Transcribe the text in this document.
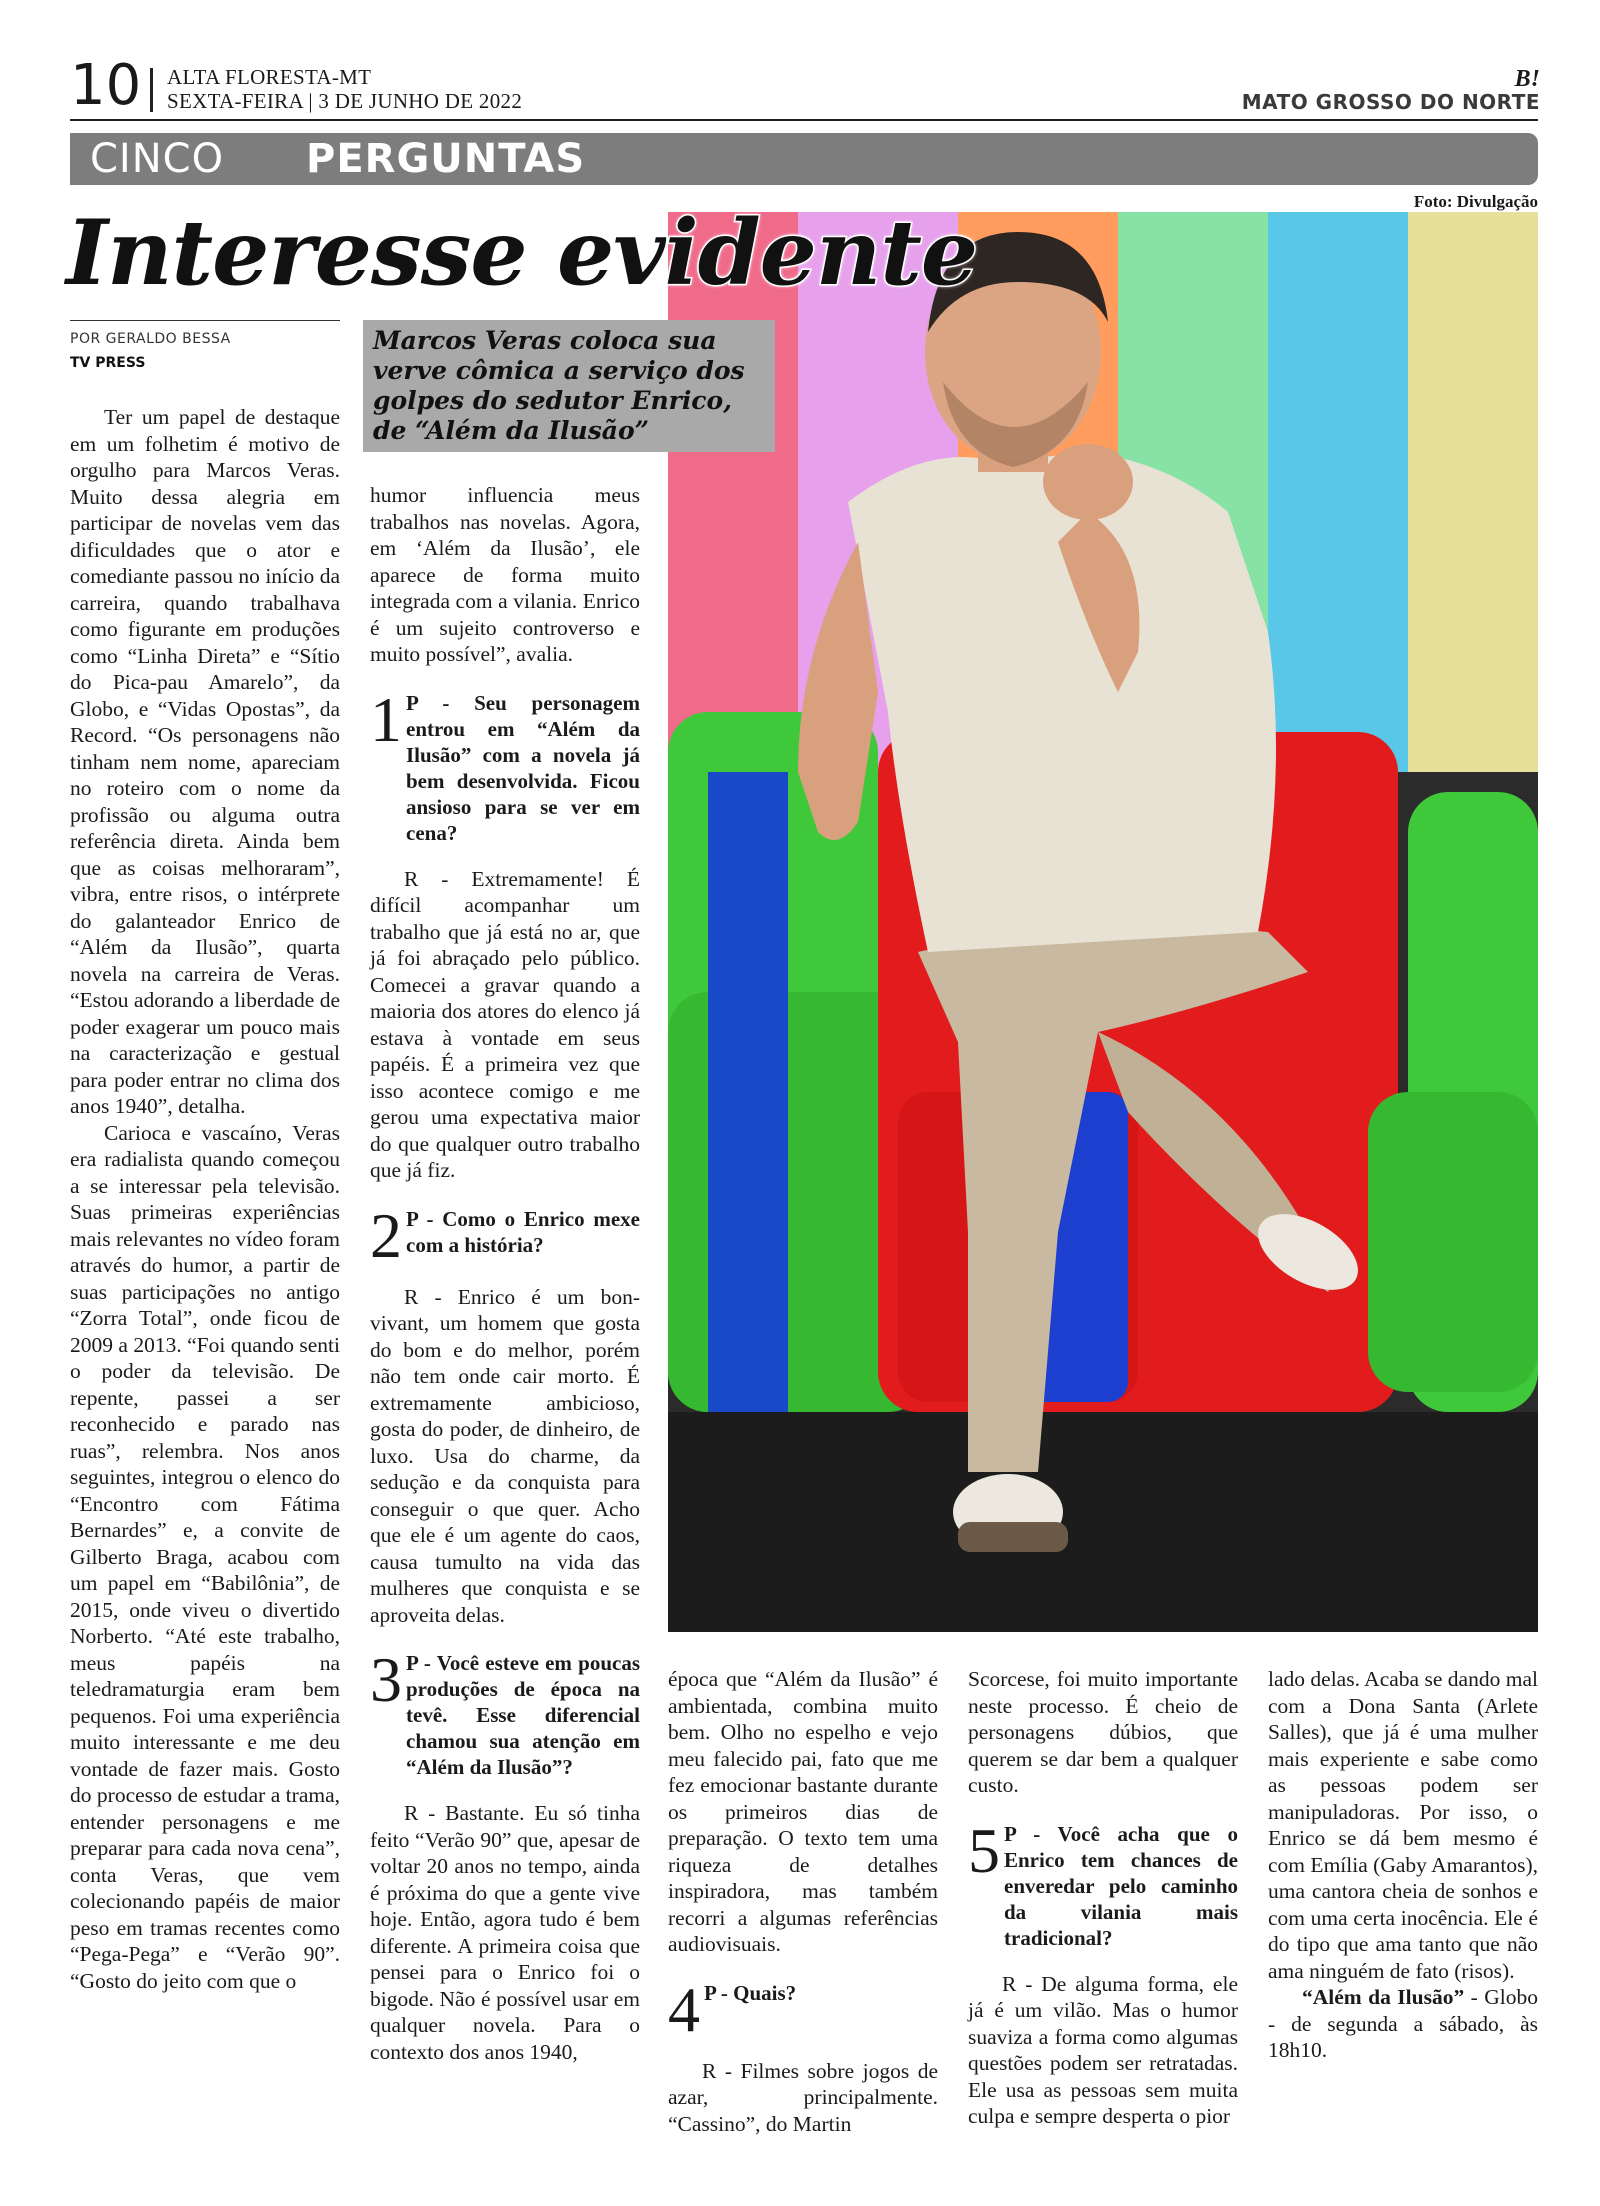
10 ALTA FLORESTA-MT
SEXTA-FEIRA | 3 DE JUNHO DE 2022
B!
MATO GROSSO DO NORTE
CINCO PERGUNTAS
Foto: Divulgação
Interesse evidente
POR GERALDO BESSA
TV PRESS
Marcos Veras coloca sua verve cômica a serviço dos golpes do sedutor Enrico, de “Além da Ilusão”

Ter um papel de destaque em um folhetim é motivo de orgulho para Marcos Veras. Muito dessa alegria em participar de novelas vem das dificuldades que o ator e comediante passou no início da carreira, quando trabalhava como figurante em produções como “Linha Direta” e “Sítio do Pica-pau Amarelo”, da Globo, e “Vidas Opostas”, da Record. “Os personagens não tinham nem nome, apareciam no roteiro com o nome da profissão ou alguma outra referência direta. Ainda bem que as coisas melhoraram”, vibra, entre risos, o intérprete do galanteador Enrico de “Além da Ilusão”, quarta novela na carreira de Veras. “Estou adorando a liberdade de poder exagerar um pouco mais na caracterização e gestual para poder entrar no clima dos anos 1940”, detalha.

Carioca e vascaíno, Veras era radialista quando começou a se interessar pela televisão. Suas primeiras experiências mais relevantes no vídeo foram através do humor, a partir de suas participações no antigo “Zorra Total”, onde ficou de 2009 a 2013. “Foi quando senti o poder da televisão. De repente, passei a ser reconhecido e parado nas ruas”, relembra. Nos anos seguintes, integrou o elenco do “Encontro com Fátima Bernardes” e, a convite de Gilberto Braga, acabou com um papel em “Babilônia”, de 2015, onde viveu o divertido Norberto. “Até este trabalho, meus papéis na teledramaturgia eram bem pequenos. Foi uma experiência muito interessante e me deu vontade de fazer mais. Gosto do processo de estudar a trama, entender personagens e me preparar para cada nova cena”, conta Veras, que vem colecionando papéis de maior peso em tramas recentes como “Pega-Pega” e “Verão 90”. “Gosto do jeito com que o

humor influencia meus trabalhos nas novelas. Agora, em ‘Além da Ilusão’, ele aparece de forma muito integrada com a vilania. Enrico é um sujeito controverso e muito possível”, avalia.

1 P - Seu personagem entrou em “Além da Ilusão” com a novela já bem desenvolvida. Ficou ansioso para se ver em cena?

R - Extremamente! É difícil acompanhar um trabalho que já está no ar, que já foi abraçado pelo público. Comecei a gravar quando a maioria dos atores do elenco já estava à vontade em seus papéis. É a primeira vez que isso acontece comigo e me gerou uma expectativa maior do que qualquer outro trabalho que já fiz.

2 P - Como o Enrico mexe com a história?

R - Enrico é um bon-vivant, um homem que gosta do bom e do melhor, porém não tem onde cair morto. É extremamente ambicioso, gosta do poder, de dinheiro, de luxo. Usa do charme, da sedução e da conquista para conseguir o que quer. Acho que ele é um agente do caos, causa tumulto na vida das mulheres que conquista e se aproveita delas.

3 P - Você esteve em poucas produções de época na tevê. Esse diferencial chamou sua atenção em “Além da Ilusão”?

R - Bastante. Eu só tinha feito “Verão 90” que, apesar de voltar 20 anos no tempo, ainda é próxima do que a gente vive hoje. Então, agora tudo é bem diferente. A primeira coisa que pensei para o Enrico foi o bigode. Não é possível usar em qualquer novela. Para o contexto dos anos 1940,

época que “Além da Ilusão” é ambientada, combina muito bem. Olho no espelho e vejo meu falecido pai, fato que me fez emocionar bastante durante os primeiros dias de preparação. O texto tem uma riqueza de detalhes inspiradora, mas também recorri a algumas referências audiovisuais.

4 P - Quais?

R - Filmes sobre jogos de azar, principalmente. “Cassino”, do Martin

Scorcese, foi muito importante neste processo. É cheio de personagens dúbios, que querem se dar bem a qualquer custo.

5 P - Você acha que o Enrico tem chances de enveredar pelo caminho da vilania mais tradicional?

R - De alguma forma, ele já é um vilão. Mas o humor suaviza a forma como algumas questões podem ser retratadas. Ele usa as pessoas sem muita culpa e sempre desperta o pior

lado delas. Acaba se dando mal com a Dona Santa (Arlete Salles), que já é uma mulher mais experiente e sabe como as pessoas podem ser manipuladoras. Por isso, o Enrico se dá bem mesmo é com Emília (Gaby Amarantos), uma cantora cheia de sonhos e com uma certa inocência. Ele é do tipo que ama tanto que não ama ninguém de fato (risos).

“Além da Ilusão” - Globo - de segunda a sábado, às 18h10.
